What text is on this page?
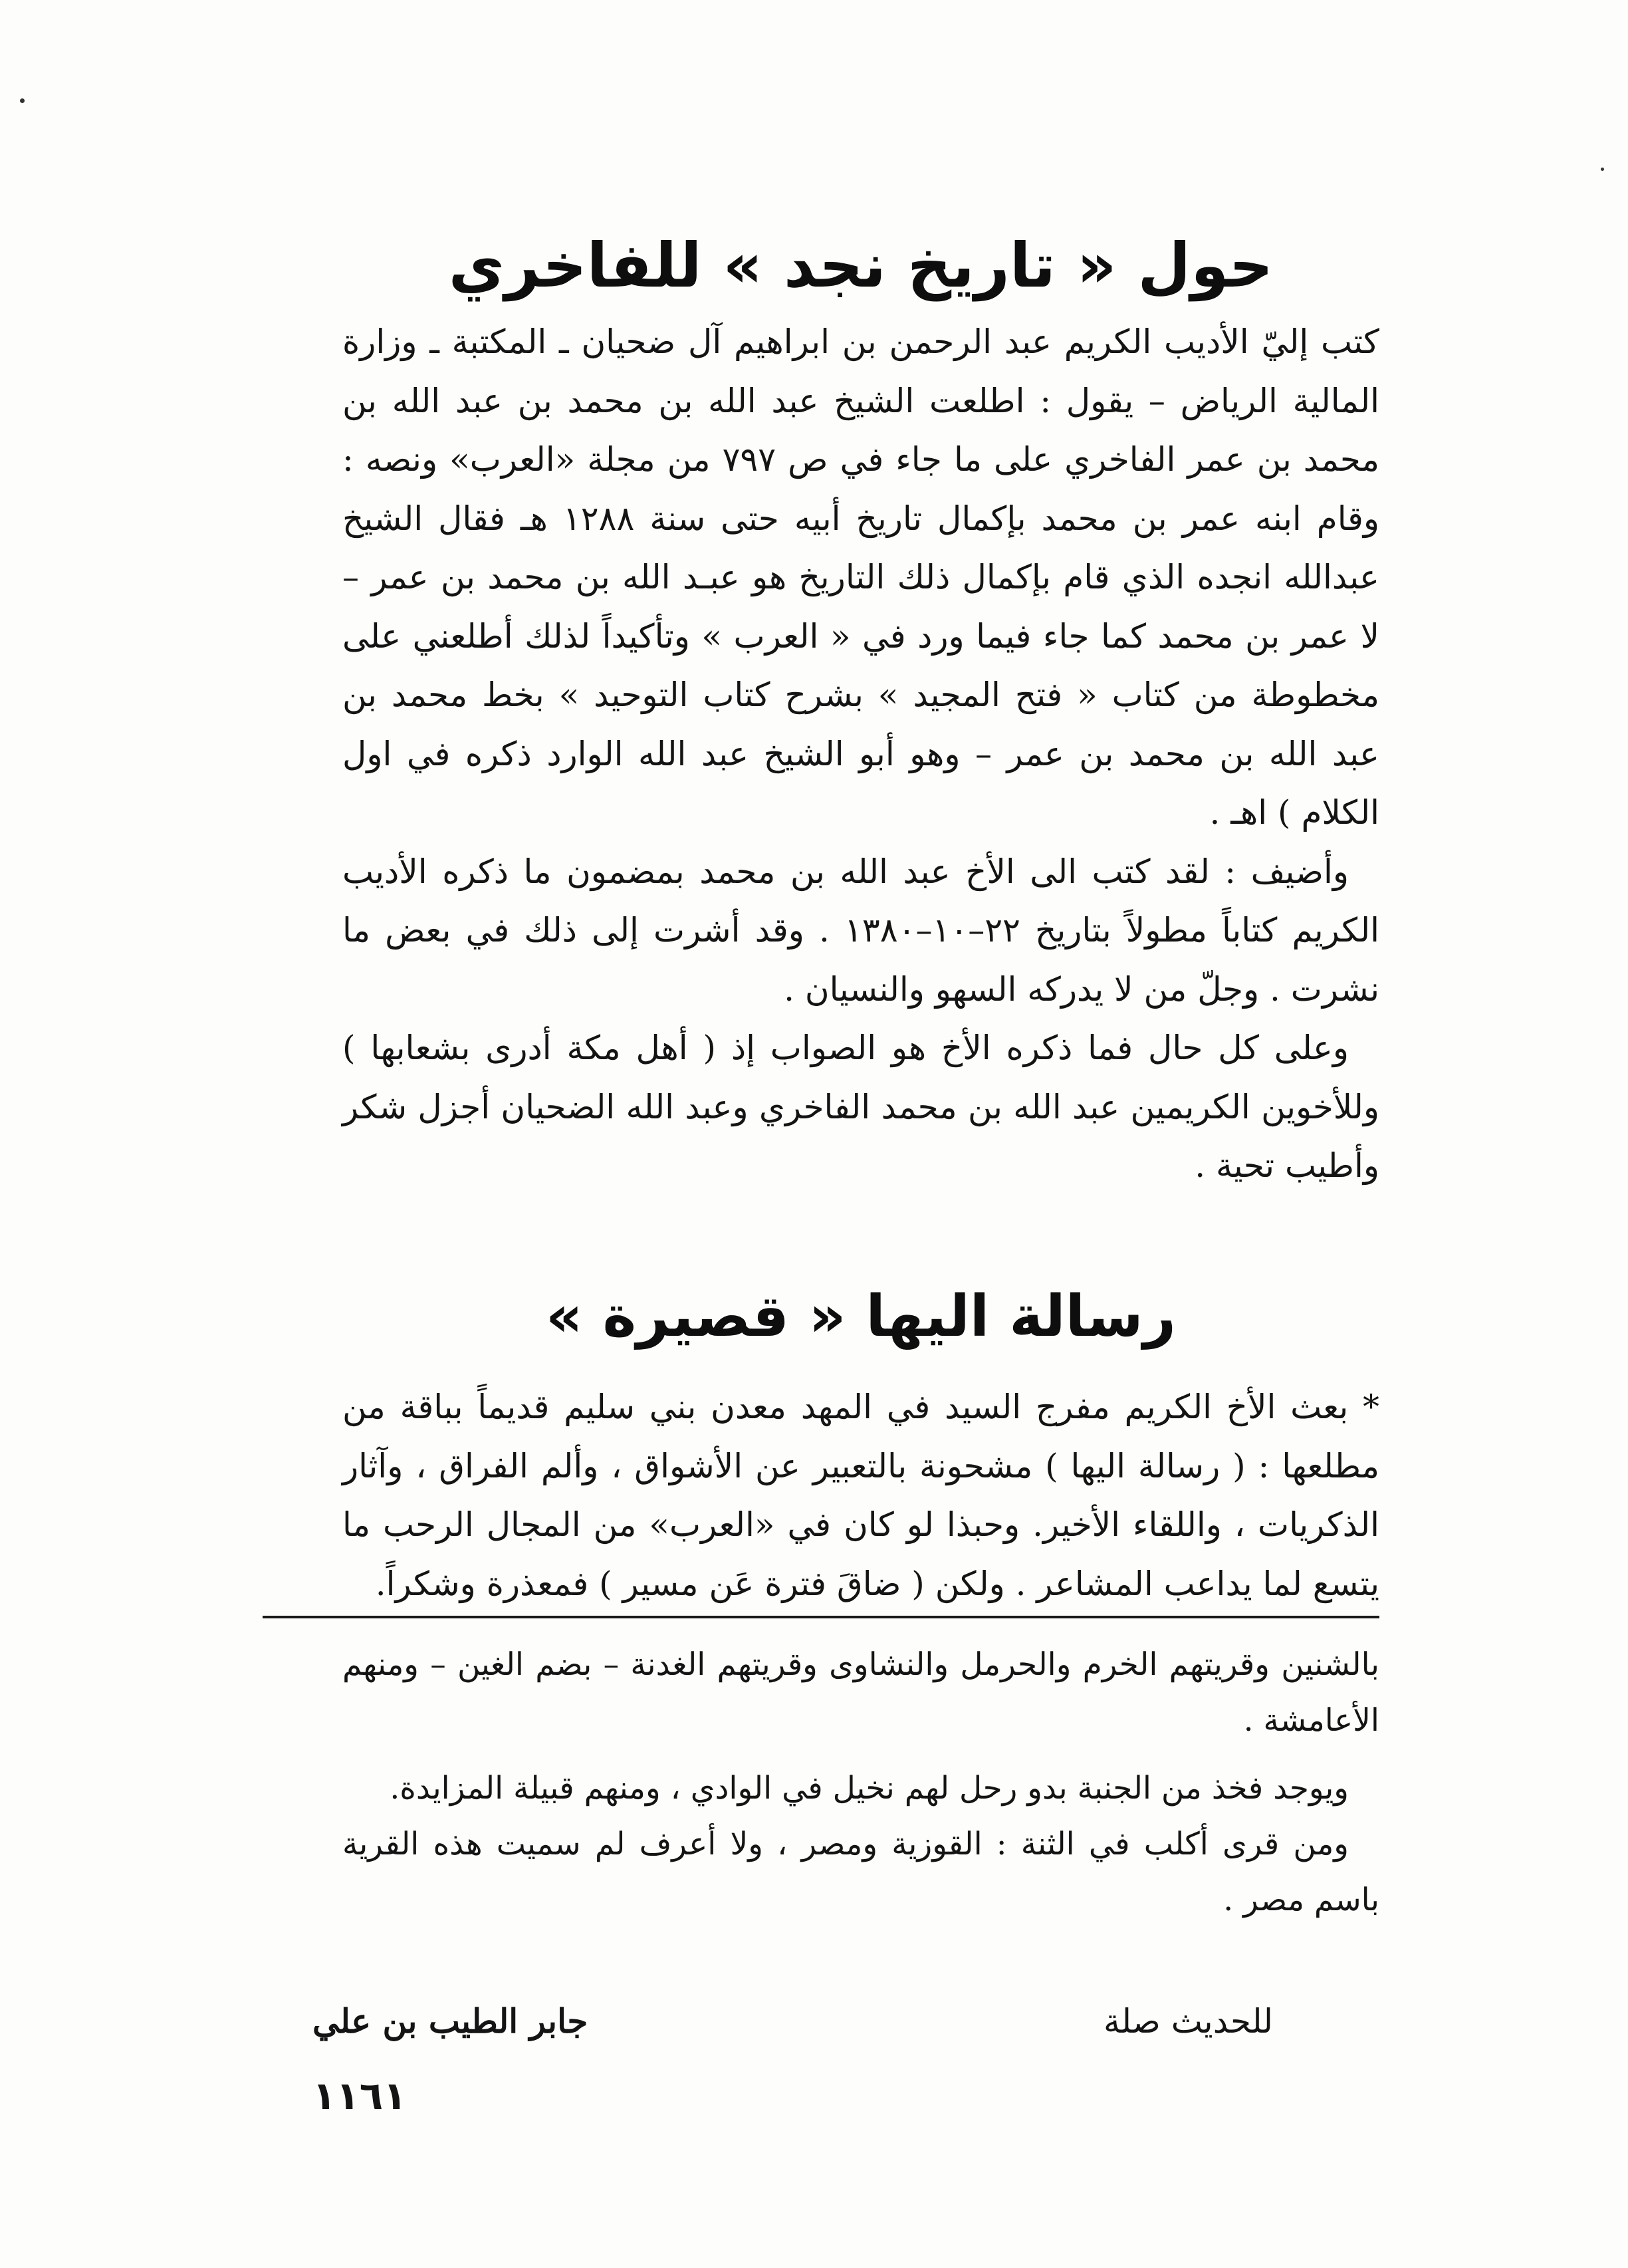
حول « تاريخ نجد » للفاخري

كتب إليّ الأديب الكريم عبد الرحمن بن ابراهيم آل ضحيان ـ المكتبة ـ وزارة المالية الرياض – يقول : اطلعت الشيخ عبد الله بن محمد بن عبد الله بن محمد بن عمر الفاخري على ما جاء في ص ٧٩٧ من مجلة «العرب» ونصه : وقام ابنه عمر بن محمد بإكمال تاريخ أبيه حتى سنة ١٢٨٨ هـ فقال الشيخ عبدالله انجده الذي قام بإكمال ذلك التاريخ هو عبـد الله بن محمد بن عمر – لا عمر بن محمد كما جاء فيما ورد في « العرب » وتأكيداً لذلك أطلعني على مخطوطة من كتاب « فتح المجيد » بشرح كتاب التوحيد » بخط محمد بن عبد الله بن محمد بن عمر – وهو أبو الشيخ عبد الله الوارد ذكره في اول الكلام ) اهـ .

وأضيف : لقد كتب الى الأخ عبد الله بن محمد بمضمون ما ذكره الأديب الكريم كتاباً مطولاً بتاريخ ٢٢–١٠–١٣٨٠ . وقد أشرت إلى ذلك في بعض ما نشرت . وجلّ من لا يدركه السهو والنسيان .

وعلى كل حال فما ذكره الأخ هو الصواب إذ ( أهل مكة أدرى بشعابها ) وللأخوين الكريمين عبد الله بن محمد الفاخري وعبد الله الضحيان أجزل شكر وأطيب تحية .

رسالة اليها « قصيرة »

* بعث الأخ الكريم مفرج السيد في المهد معدن بني سليم قديماً بباقة من مطلعها : ( رسالة اليها ) مشحونة بالتعبير عن الأشواق ، وألم الفراق ، وآثار الذكريات ، واللقاء الأخير. وحبذا لو كان في «العرب» من المجال الرحب ما يتسع لما يداعب المشاعر . ولكن ( ضاقَ فترة عَن مسير ) فمعذرة وشكراً.

بالشنين وقريتهم الخرم والحرمل والنشاوى وقريتهم الغدنة – بضم الغين – ومنهم الأعامشة .

ويوجد فخذ من الجنبة بدو رحل لهم نخيل في الوادي ، ومنهم قبيلة المزايدة.

ومن قرى أكلب في الثنة : القوزية ومصر ، ولا أعرف لم سميت هذه القرية باسم مصر .

للحديث صلة
جابر الطيب بن علي
١١٦١
